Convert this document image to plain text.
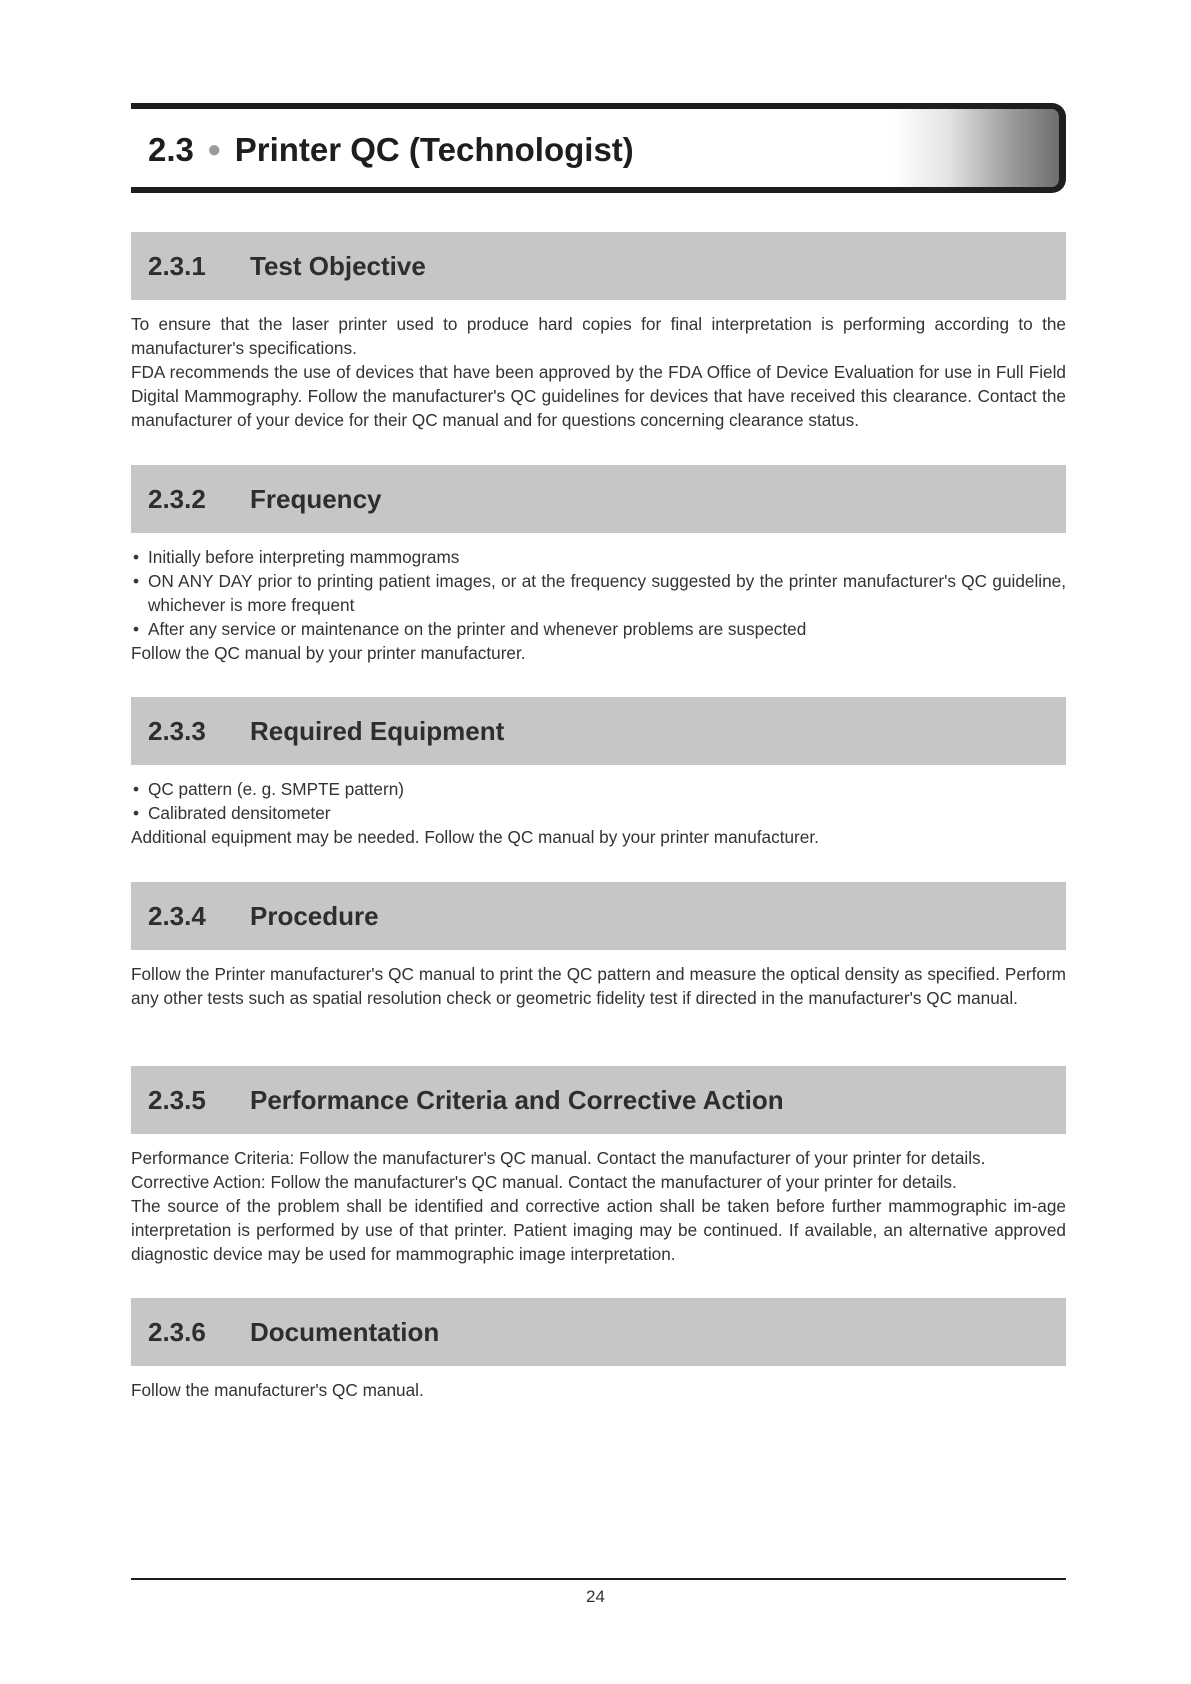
2.3 ● Printer QC (Technologist)
2.3.1 Test Objective

To ensure that the laser printer used to produce hard copies for final interpretation is performing according to the manufacturer's specifications.

FDA recommends the use of devices that have been approved by the FDA Office of Device Evaluation for use in Full Field Digital Mammography. Follow the manufacturer's QC guidelines for devices that have received this clearance. Contact the manufacturer of your device for their QC manual and for questions concerning clearance status.

2.3.2 Frequency
• Initially before interpreting mammograms
• ON ANY DAY prior to printing patient images, or at the frequency suggested by the printer manufacturer's QC guideline, whichever is more frequent
• After any service or maintenance on the printer and whenever problems are suspected

Follow the QC manual by your printer manufacturer.

2.3.3 Required Equipment
• QC pattern (e. g. SMPTE pattern)
• Calibrated densitometer

Additional equipment may be needed. Follow the QC manual by your printer manufacturer.

2.3.4 Procedure

Follow the Printer manufacturer's QC manual to print the QC pattern and measure the optical density as specified. Perform any other tests such as spatial resolution check or geometric fidelity test if directed in the manufacturer's QC manual.

2.3.5 Performance Criteria and Corrective Action

Performance Criteria: Follow the manufacturer's QC manual. Contact the manufacturer of your printer for details.

Corrective Action: Follow the manufacturer's QC manual. Contact the manufacturer of your printer for details.

The source of the problem shall be identified and corrective action shall be taken before further mammographic im-age interpretation is performed by use of that printer. Patient imaging may be continued. If available, an alternative approved diagnostic device may be used for mammographic image interpretation.

2.3.6 Documentation

Follow the manufacturer's QC manual.

24
